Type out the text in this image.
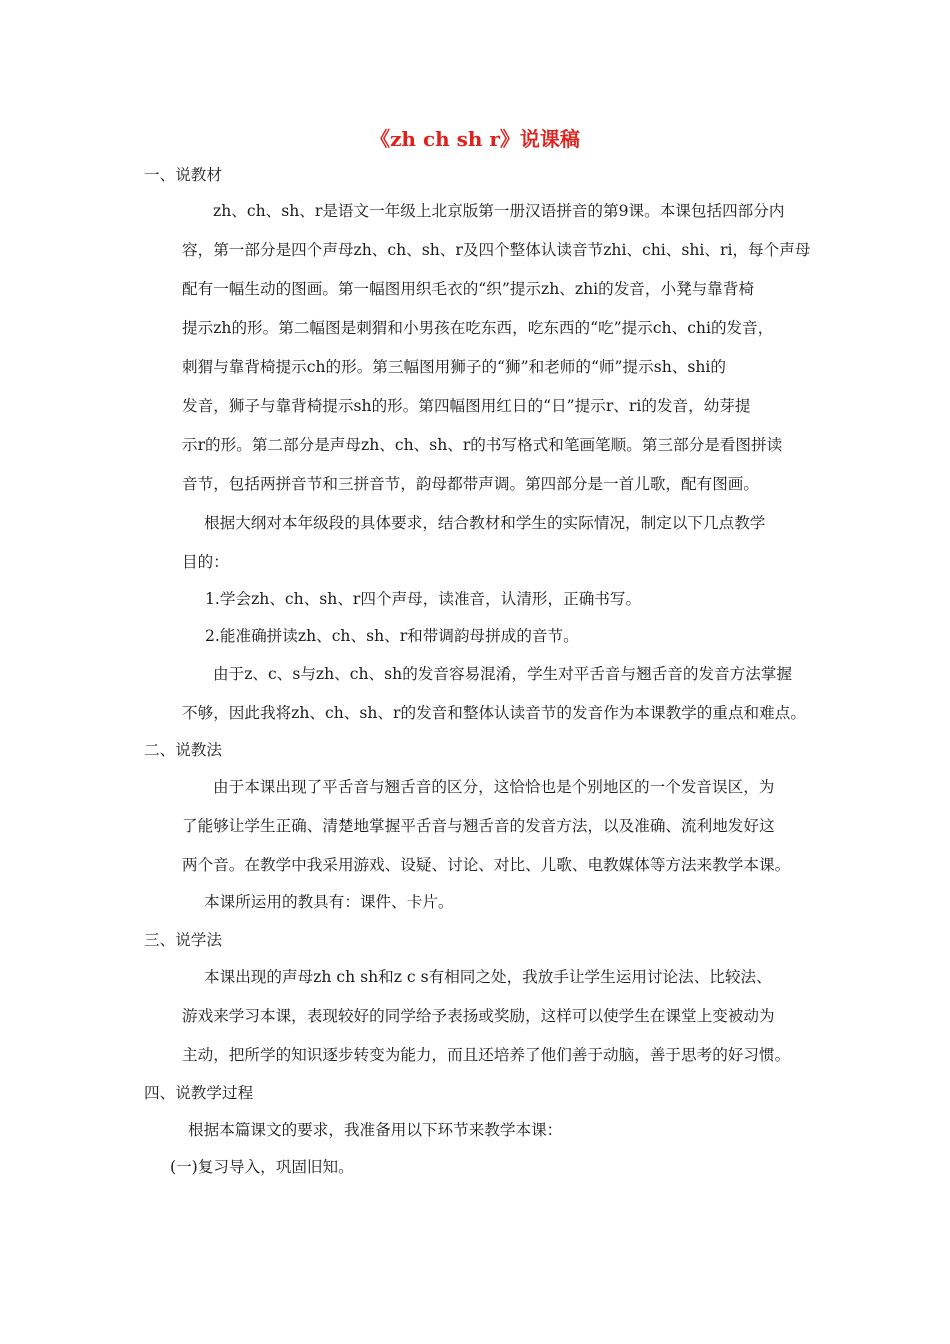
《zh ch sh r》说课稿
一、说教材
zh、ch、sh、r是语文一年级上北京版第一册汉语拼音的第9课。本课包括四部分内
容，第一部分是四个声母zh、ch、sh、r及四个整体认读音节zhi、chi、shi、ri，每个声母
配有一幅生动的图画。第一幅图用织毛衣的“织”提示zh、zhi的发音，小凳与靠背椅
提示zh的形。第二幅图是刺猬和小男孩在吃东西，吃东西的“吃”提示ch、chi的发音，
刺猬与靠背椅提示ch的形。第三幅图用狮子的“狮”和老师的“师”提示sh、shi的
发音，狮子与靠背椅提示sh的形。第四幅图用红日的“日”提示r、ri的发音，幼芽提
示r的形。第二部分是声母zh、ch、sh、r的书写格式和笔画笔顺。第三部分是看图拼读
音节，包括两拼音节和三拼音节，韵母都带声调。第四部分是一首儿歌，配有图画。
根据大纲对本年级段的具体要求，结合教材和学生的实际情况，制定以下几点教学
目的：
1.学会zh、ch、sh、r四个声母，读准音，认清形，正确书写。
2.能准确拼读zh、ch、sh、r和带调韵母拼成的音节。
由于z、c、s与zh、ch、sh的发音容易混淆，学生对平舌音与翘舌音的发音方法掌握
不够，因此我将zh、ch、sh、r的发音和整体认读音节的发音作为本课教学的重点和难点。
二、说教法
由于本课出现了平舌音与翘舌音的区分，这恰恰也是个别地区的一个发音误区，为
了能够让学生正确、清楚地掌握平舌音与翘舌音的发音方法，以及准确、流利地发好这
两个音。在教学中我采用游戏、设疑、讨论、对比、儿歌、电教媒体等方法来教学本课。
本课所运用的教具有：课件、卡片。
三、说学法
本课出现的声母zh ch sh和z c s有相同之处，我放手让学生运用讨论法、比较法、
游戏来学习本课，表现较好的同学给予表扬或奖励，这样可以使学生在课堂上变被动为
主动，把所学的知识逐步转变为能力，而且还培养了他们善于动脑，善于思考的好习惯。
四、说教学过程
根据本篇课文的要求，我准备用以下环节来教学本课：
(一)复习导入，巩固旧知。
